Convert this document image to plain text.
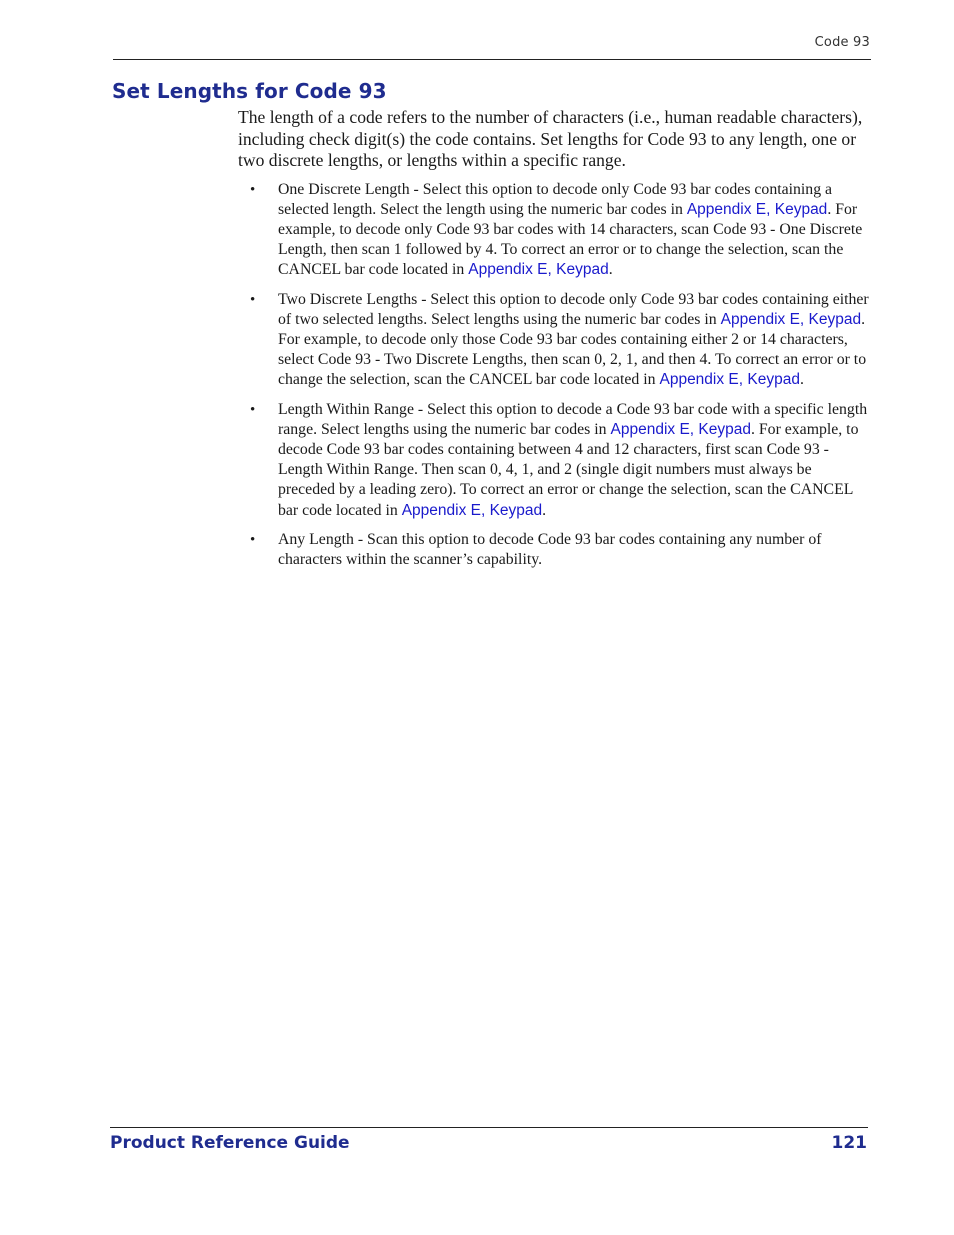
Code 93
Set Lengths for Code 93

The length of a code refers to the number of characters (i.e., human readable characters), including check digit(s) the code contains. Set lengths for Code 93 to any length, one or two discrete lengths, or lengths within a specific range.

• One Discrete Length - Select this option to decode only Code 93 bar codes containing a selected length. Select the length using the numeric bar codes in Appendix E, Keypad. For example, to decode only Code 93 bar codes with 14 characters, scan Code 93 - One Discrete Length, then scan 1 followed by 4. To correct an error or to change the selection, scan the CANCEL bar code located in Appendix E, Keypad.
• Two Discrete Lengths - Select this option to decode only Code 93 bar codes containing either of two selected lengths. Select lengths using the numeric bar codes in Appendix E, Keypad. For example, to decode only those Code 93 bar codes containing either 2 or 14 characters, select Code 93 - Two Discrete Lengths, then scan 0, 2, 1, and then 4. To correct an error or to change the selection, scan the CANCEL bar code located in Appendix E, Keypad.
• Length Within Range - Select this option to decode a Code 93 bar code with a specific length range. Select lengths using the numeric bar codes in Appendix E, Keypad. For example, to decode Code 93 bar codes containing between 4 and 12 characters, first scan Code 93 - Length Within Range. Then scan 0, 4, 1, and 2 (single digit numbers must always be preceded by a leading zero). To correct an error or change the selection, scan the CANCEL bar code located in Appendix E, Keypad.
• Any Length - Scan this option to decode Code 93 bar codes containing any number of characters within the scanner’s capability.
Product Reference Guide	121
